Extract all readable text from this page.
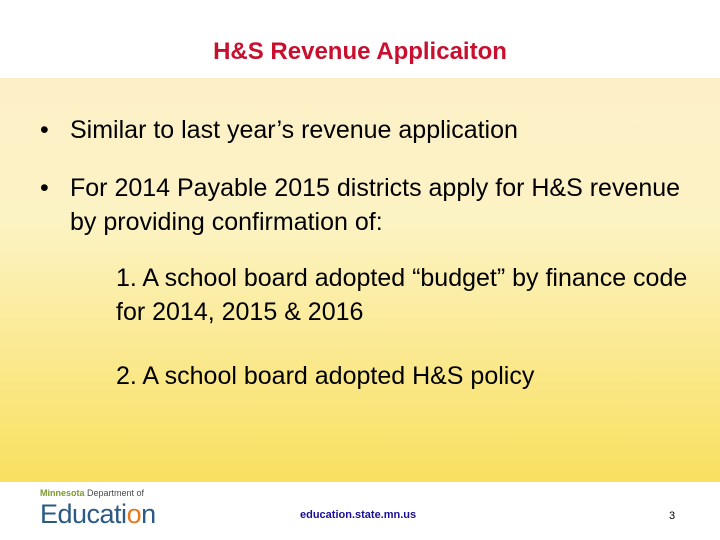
H&S Revenue Applicaiton
• Similar to last year’s revenue application
• For 2014 Payable 2015 districts apply for H&S revenue by providing confirmation of:
1. A school board adopted “budget” by finance code for 2014, 2015 & 2016
2. A school board adopted H&S policy
Minnesota Department of
Education	education.state.mn.us	3
